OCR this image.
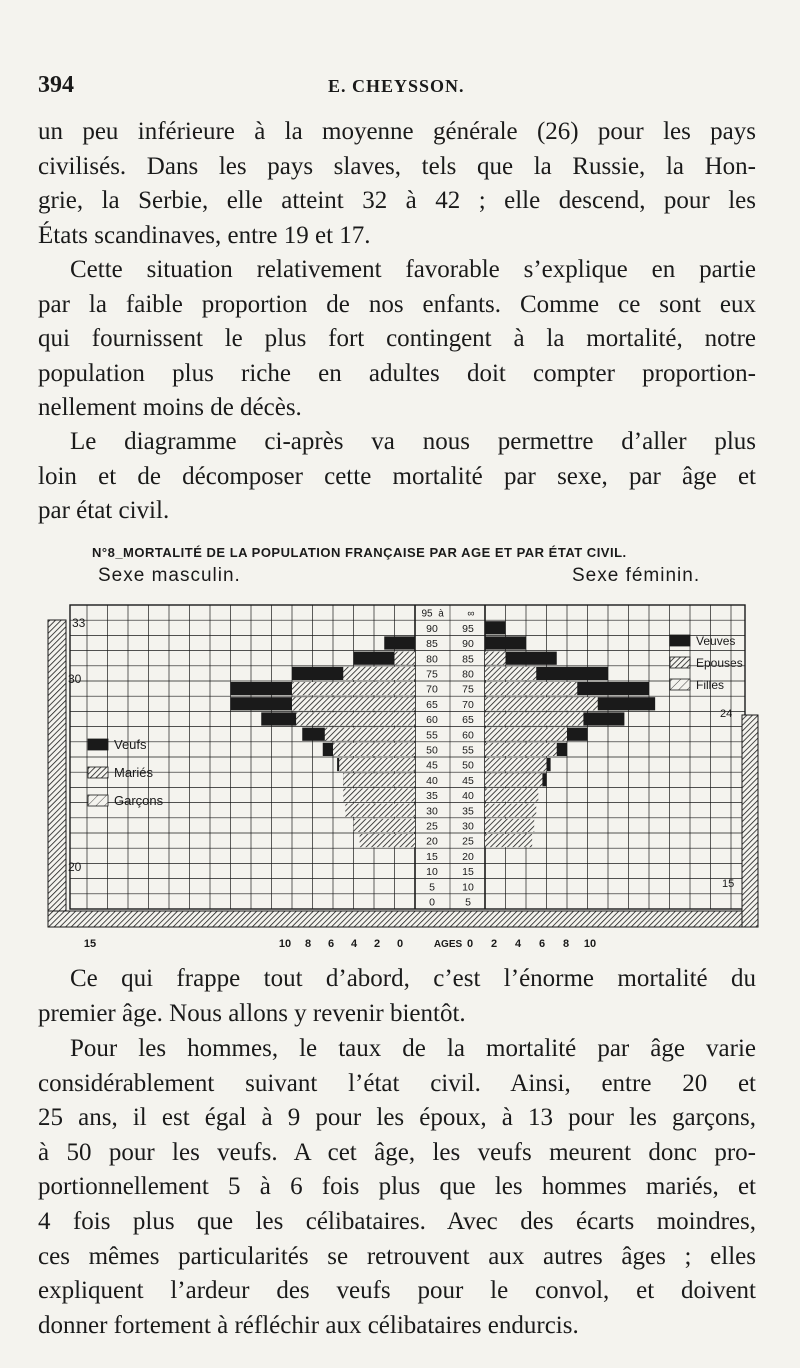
394	E. CHEYSSON.

un peu inférieure à la moyenne générale (26) pour les pays
civilisés. Dans les pays slaves, tels que la Russie, la Hon-
grie, la Serbie, elle atteint 32 à 42 ; elle descend, pour les
États scandinaves, entre 19 et 17.

Cette situation relativement favorable s’explique en partie
par la faible proportion de nos enfants. Comme ce sont eux
qui fournissent le plus fort contingent à la mortalité, notre
population plus riche en adultes doit compter proportion-
nellement moins de décès.

Le diagramme ci-après va nous permettre d’aller plus
loin et de décomposer cette mortalité par sexe, par âge et
par état civil.

N°8_MORTALITÉ DE LA POPULATION FRANÇAISE PAR AGE ET PAR ÉTAT CIVIL.
Sexe masculin.	Sexe féminin.
95 à ∞
90 95
85 90
80 85
75 80
70 75
65 70
60 65
55 60
50 55
45 50
40 45
35 40
30 35
25 30
20 25
15 20
10 15
5	10
0	5
33
30
20
24
15
Veufs
Mariés
Garçons
Veuves
Epouses
Filles
15	10 8 6 4 2 0	AGES 0 2 4 6 8 10

Ce qui frappe tout d’abord, c’est l’énorme mortalité du
premier âge. Nous allons y revenir bientôt.

Pour les hommes, le taux de la mortalité par âge varie
considérablement suivant l’état civil. Ainsi, entre 20 et
25 ans, il est égal à 9 pour les époux, à 13 pour les garçons,
à 50 pour les veufs. A cet âge, les veufs meurent donc pro-
portionnellement 5 à 6 fois plus que les hommes mariés, et
4 fois plus que les célibataires. Avec des écarts moindres,
ces mêmes particularités se retrouvent aux autres âges ; elles
expliquent l’ardeur des veufs pour le convol, et doivent
donner fortement à réfléchir aux célibataires endurcis.
